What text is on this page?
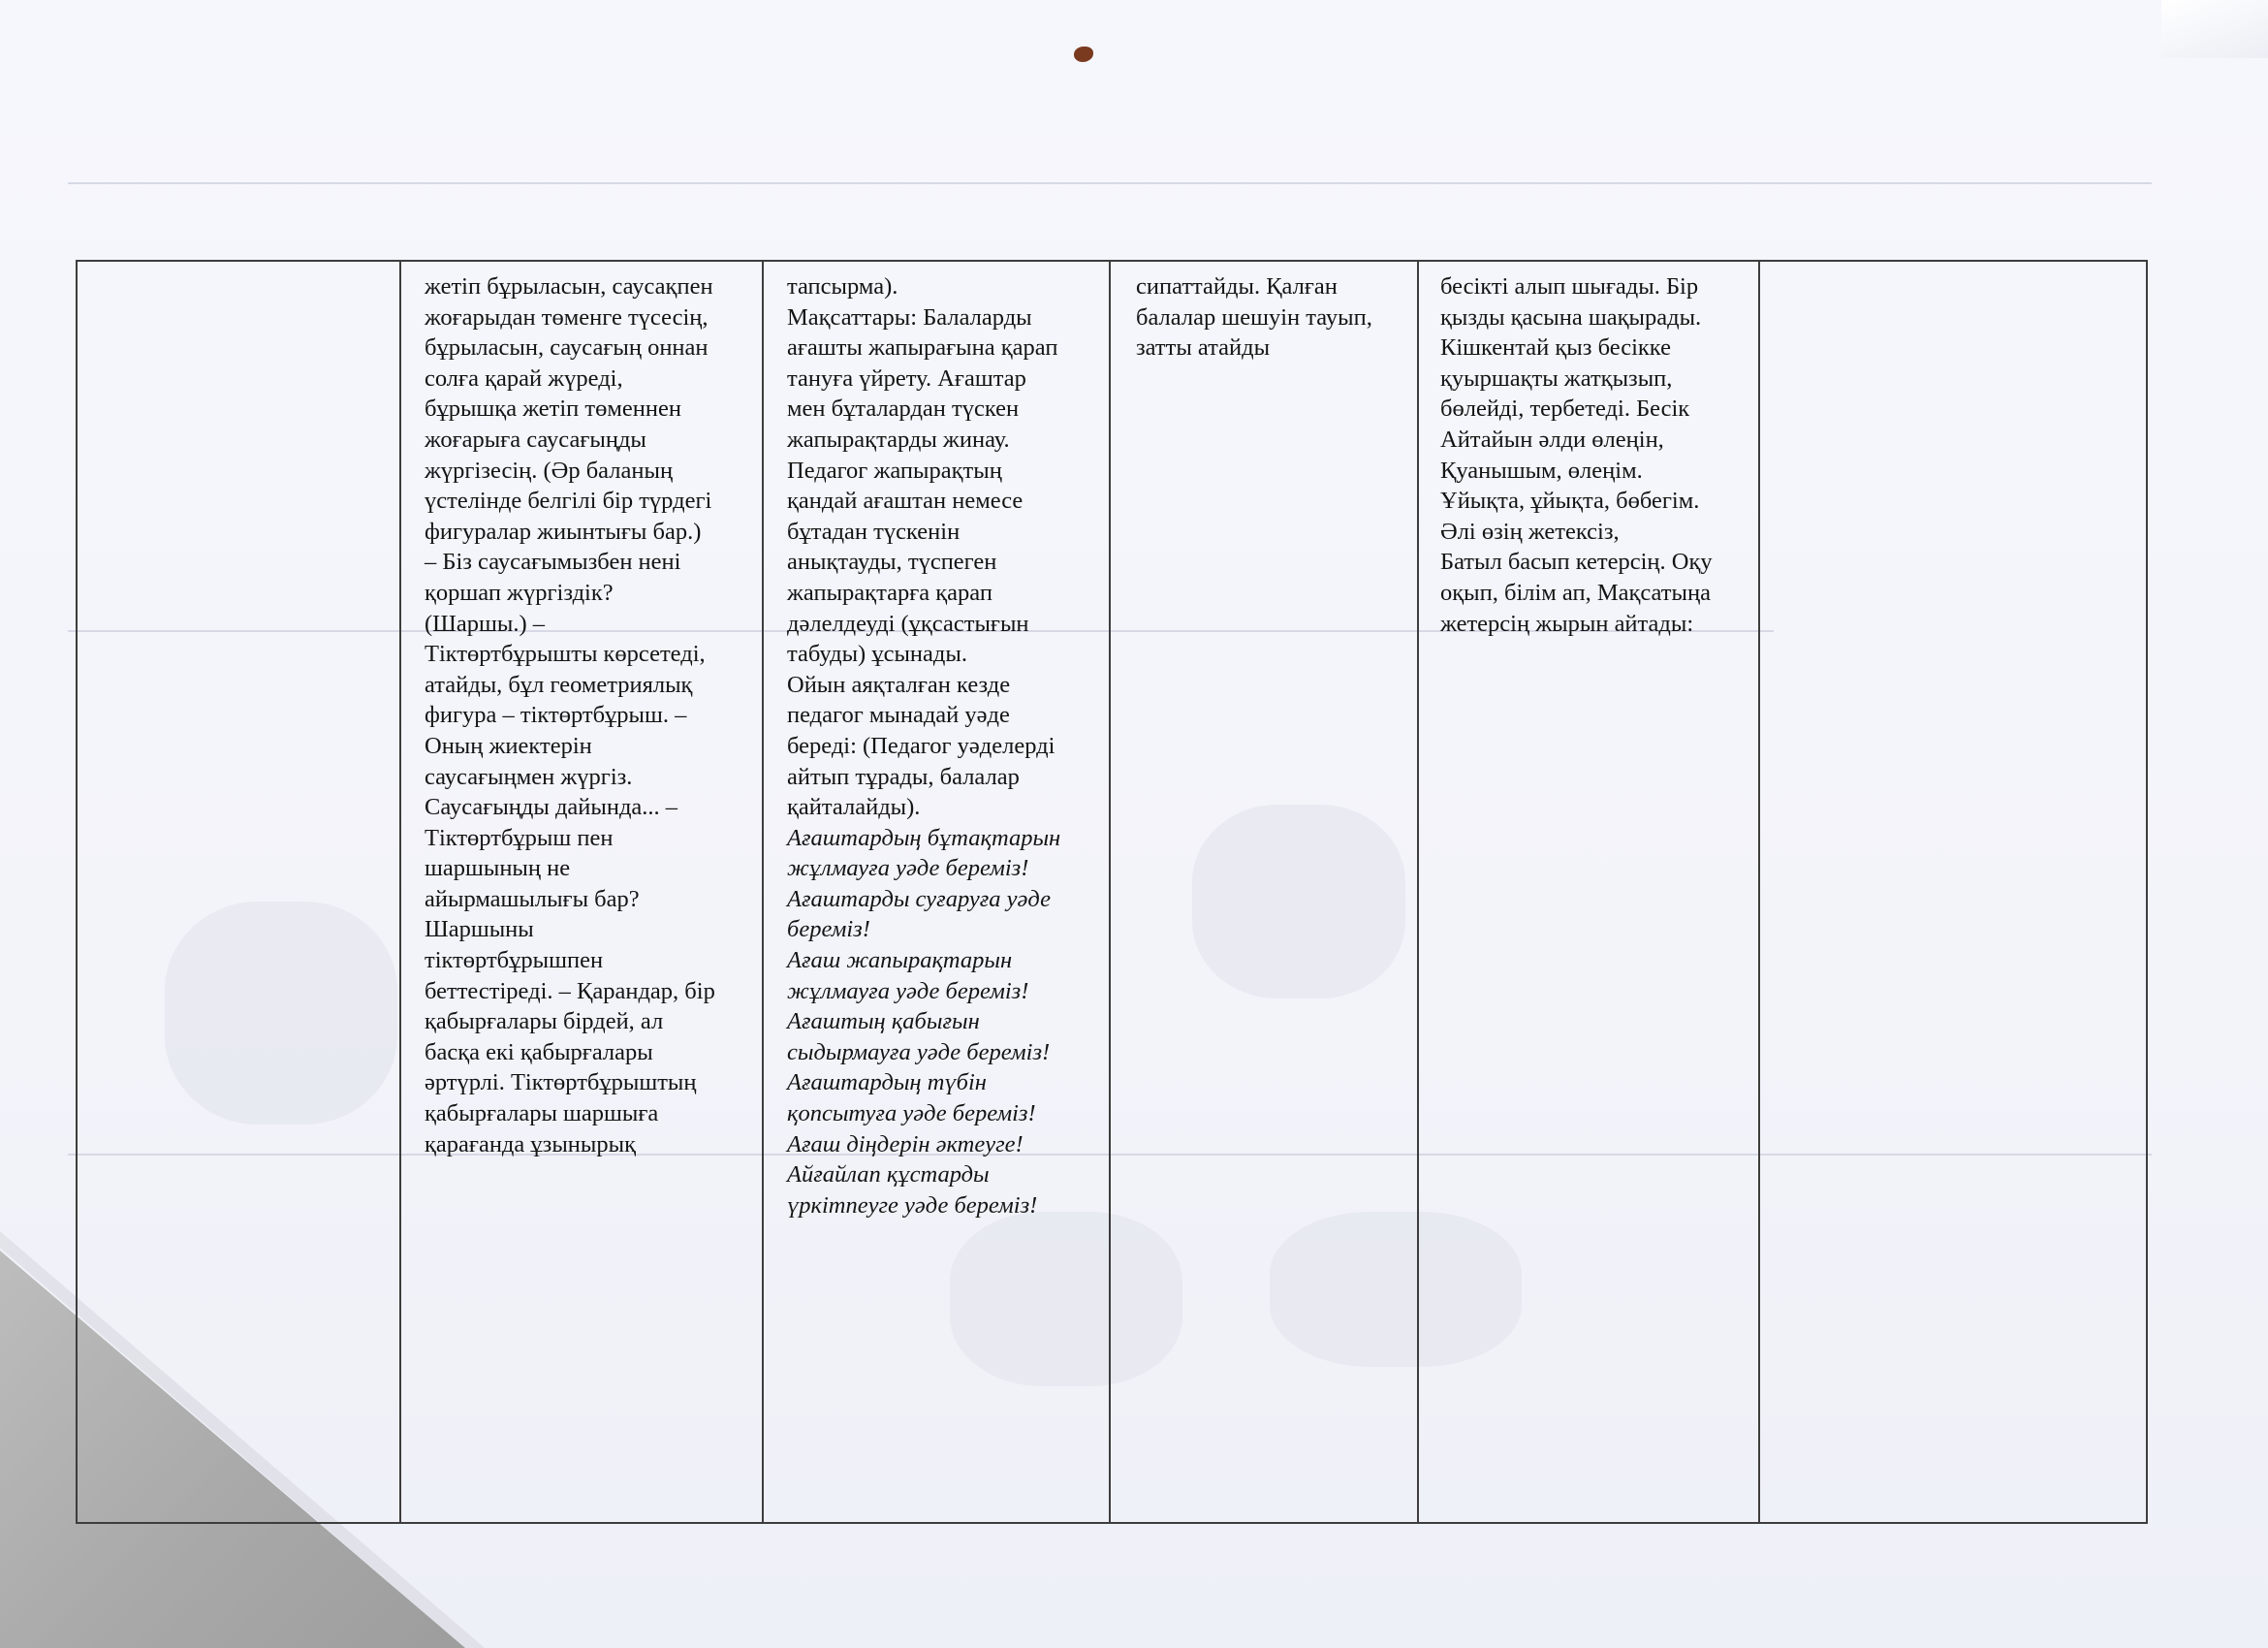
жетіп бұрыласын, саусақпен

жоғарыдан төменге түсесің,

бұрыласын, саусағың оннан

солға қарай жүреді,

бұрышқа жетіп төменнен

жоғарыға саусағыңды

жүргізесің. (Әр баланың

үстелінде белгілі бір түрдегі

фигуралар жиынтығы бар.)

– Біз саусағымызбен нені

қоршап жүргіздік?

(Шаршы.) –

Тіктөртбұрышты көрсетеді,

атайды, бұл геометриялық

фигура – тіктөртбұрыш. –

Оның жиектерін

саусағыңмен жүргіз.

Саусағыңды дайында... –

Тіктөртбұрыш пен

шаршының не

айырмашылығы бар?

Шаршыны

тіктөртбұрышпен

беттестіреді. – Қарандар, бір

қабырғалары бірдей, ал

басқа екі қабырғалары

әртүрлі. Тіктөртбұрыштың

қабырғалары шаршыға

қарағанда ұзынырық

тапсырма).

Мақсаттары: Балаларды

ағашты жапырағына қарап

тануға үйрету. Ағаштар

мен бұталардан түскен

жапырақтарды жинау.

Педагог жапырақтың

қандай ағаштан немесе

бұтадан түскенін

анықтауды, түспеген

жапырақтарға қарап

дәлелдеуді (ұқсастығын

табуды) ұсынады.

Ойын аяқталған кезде

педагог мынадай уәде

береді: (Педагог уәделерді

айтып тұрады, балалар

қайталайды).

Ағаштардың бұтақтарын

жұлмауға уәде береміз!

Ағаштарды суғаруға уәде

береміз!

Ағаш жапырақтарын

жұлмауға уәде береміз!

Ағаштың қабығын

сыдырмауға уәде береміз!

Ағаштардың түбін

қопсытуға уәде береміз!

Ағаш діңдерін әктеуге!

Айғайлап құстарды

үркітпеуге уәде береміз!

сипаттайды. Қалған

балалар шешуін тауып,

затты атайды

бесікті алып шығады. Бір

қызды қасына шақырады.

Кішкентай қыз бесікке

қуыршақты жатқызып,

бөлейді, тербетеді. Бесік

Айтайын әлди өлеңін,

Қуанышым, өлеңім.

Ұйықта, ұйықта, бөбегім.

Әлі өзің жетексіз,

Батыл басып кетерсің. Оқу

оқып, білім ап, Мақсатыңа

жетерсің жырын айтады:
